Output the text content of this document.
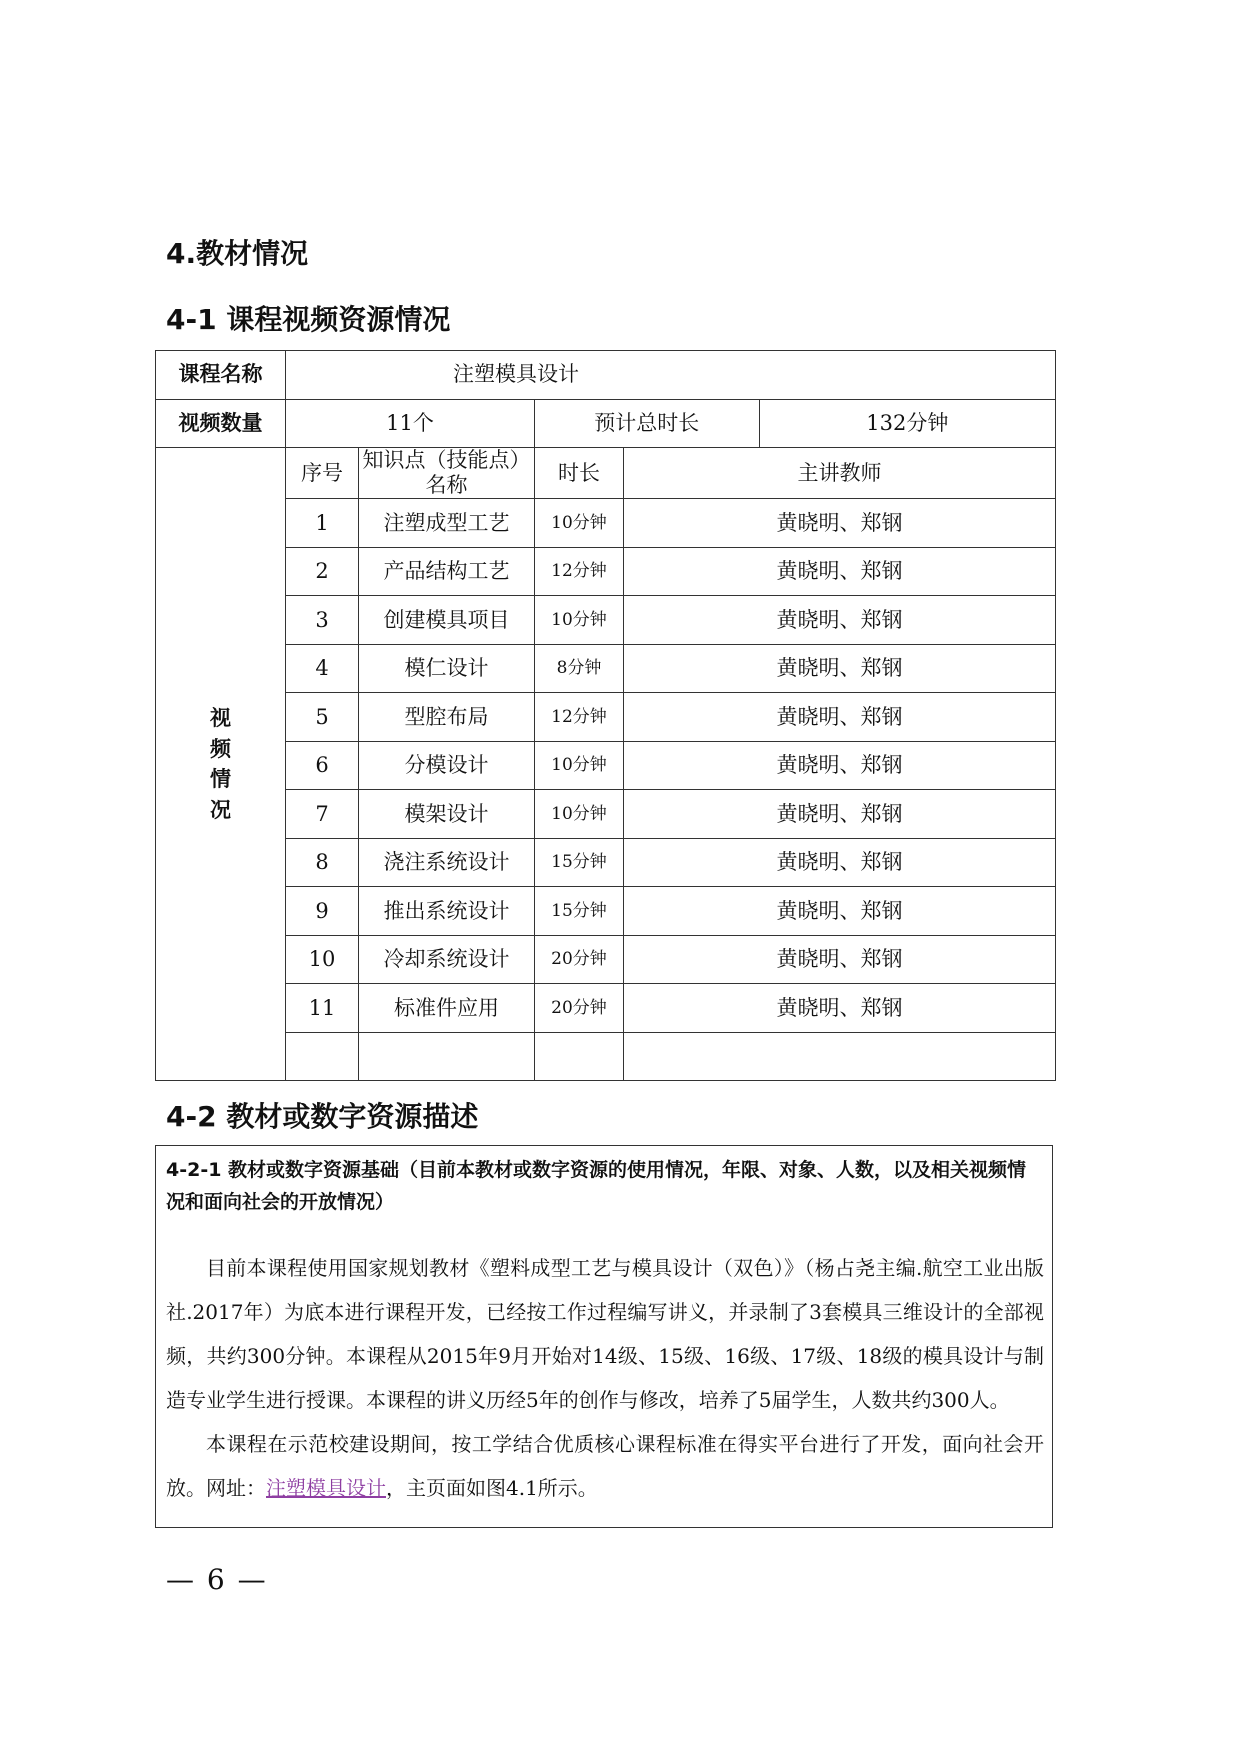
4.教材情况
4-1 课程视频资源情况
课程名称	注塑模具设计
视频数量	11个		预计总时长	132分钟

视频情况	序号	知识点（技能点）名称	时长	主讲教师
1	注塑成型工艺	10分钟	黄晓明、郑钢
2	产品结构工艺	12分钟	黄晓明、郑钢
3	创建模具项目	10分钟	黄晓明、郑钢
4	模仁设计	8分钟	黄晓明、郑钢
5	型腔布局	12分钟	黄晓明、郑钢
6	分模设计	10分钟	黄晓明、郑钢
7	模架设计	10分钟	黄晓明、郑钢
8	浇注系统设计	15分钟	黄晓明、郑钢
9	推出系统设计	15分钟	黄晓明、郑钢
10	冷却系统设计	20分钟	黄晓明、郑钢
11	标准件应用	20分钟	黄晓明、郑钢

4-2 教材或数字资源描述

4-2-1 教材或数字资源基础（目前本教材或数字资源的使用情况，年限、对象、人数，以及相关视频情况和面向社会的开放情况）

目前本课程使用国家规划教材《塑料成型工艺与模具设计（双色）》（杨占尧主编.航空工业出版社.2017年）为底本进行课程开发，已经按工作过程编写讲义，并录制了3套模具三维设计的全部视频，共约300分钟。本课程从2015年9月开始对14级、15级、16级、17级、18级的模具设计与制造专业学生进行授课。本课程的讲义历经5年的创作与修改，培养了5届学生，人数共约300人。

本课程在示范校建设期间，按工学结合优质核心课程标准在得实平台进行了开发，面向社会开放。网址：注塑模具设计，主页面如图4.1所示。

— 6 —
